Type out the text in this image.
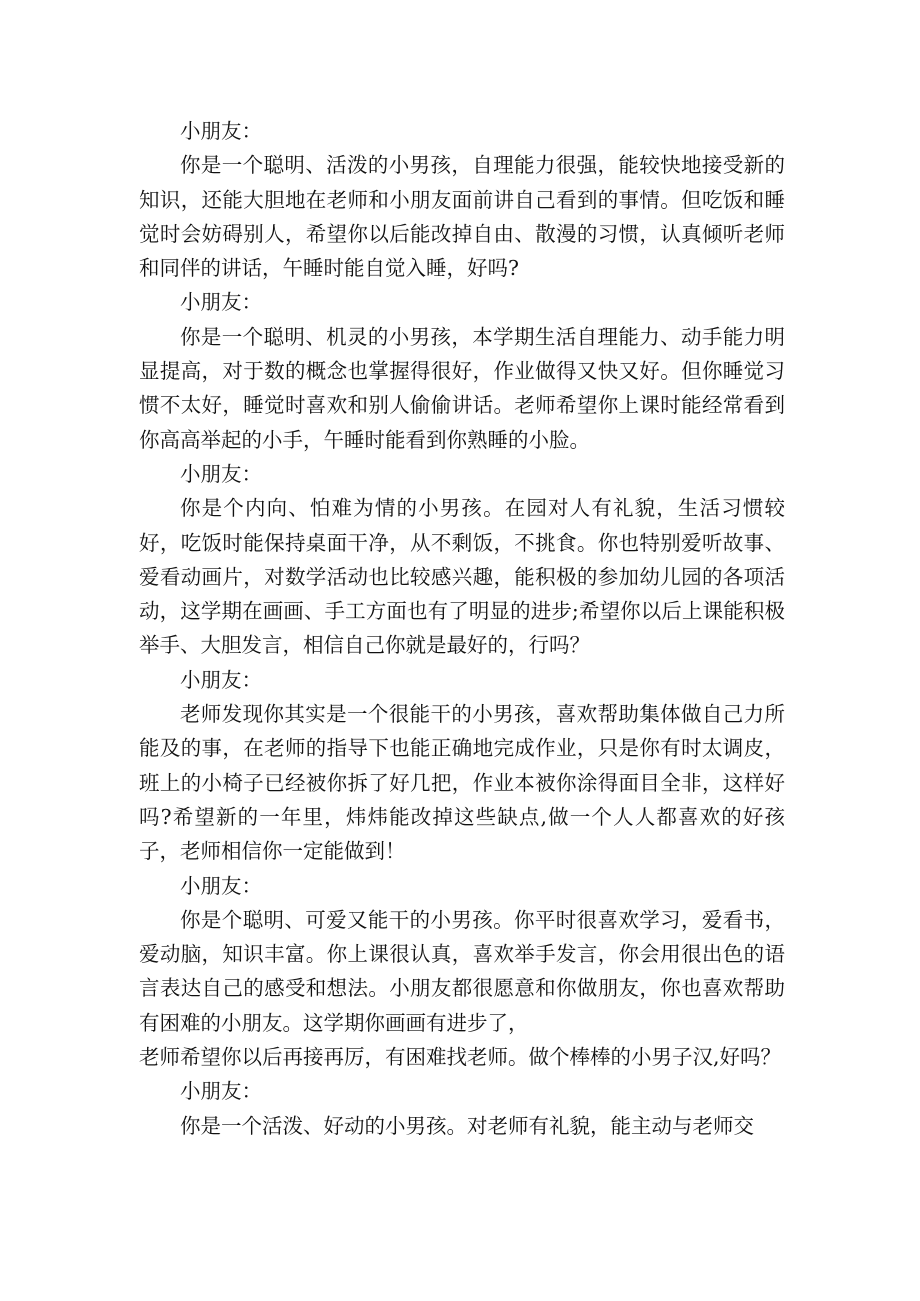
小朋友：

你是一个聪明、活泼的小男孩，自理能力很强，能较快地接受新的知识，还能大胆地在老师和小朋友面前讲自己看到的事情。但吃饭和睡觉时会妨碍别人，希望你以后能改掉自由、散漫的习惯，认真倾听老师和同伴的讲话，午睡时能自觉入睡，好吗?

小朋友：

你是一个聪明、机灵的小男孩，本学期生活自理能力、动手能力明显提高，对于数的概念也掌握得很好，作业做得又快又好。但你睡觉习惯不太好，睡觉时喜欢和别人偷偷讲话。老师希望你上课时能经常看到你高高举起的小手，午睡时能看到你熟睡的小脸。

小朋友：

你是个内向、怕难为情的小男孩。在园对人有礼貌，生活习惯较好，吃饭时能保持桌面干净，从不剩饭，不挑食。你也特别爱听故事、爱看动画片，对数学活动也比较感兴趣，能积极的参加幼儿园的各项活动，这学期在画画、手工方面也有了明显的进步;希望你以后上课能积极举手、大胆发言，相信自己你就是最好的，行吗？

小朋友：

老师发现你其实是一个很能干的小男孩，喜欢帮助集体做自己力所能及的事，在老师的指导下也能正确地完成作业，只是你有时太调皮，班上的小椅子已经被你拆了好几把，作业本被你涂得面目全非，这样好吗?希望新的一年里，炜炜能改掉这些缺点,做一个人人都喜欢的好孩子，老师相信你一定能做到！

小朋友：

你是个聪明、可爱又能干的小男孩。你平时很喜欢学习，爱看书，爱动脑，知识丰富。你上课很认真，喜欢举手发言，你会用很出色的语言表达自己的感受和想法。小朋友都很愿意和你做朋友，你也喜欢帮助有困难的小朋友。这学期你画画有进步了，

老师希望你以后再接再厉，有困难找老师。做个棒棒的小男子汉,好吗？

小朋友：

你是一个活泼、好动的小男孩。对老师有礼貌，能主动与老师交
